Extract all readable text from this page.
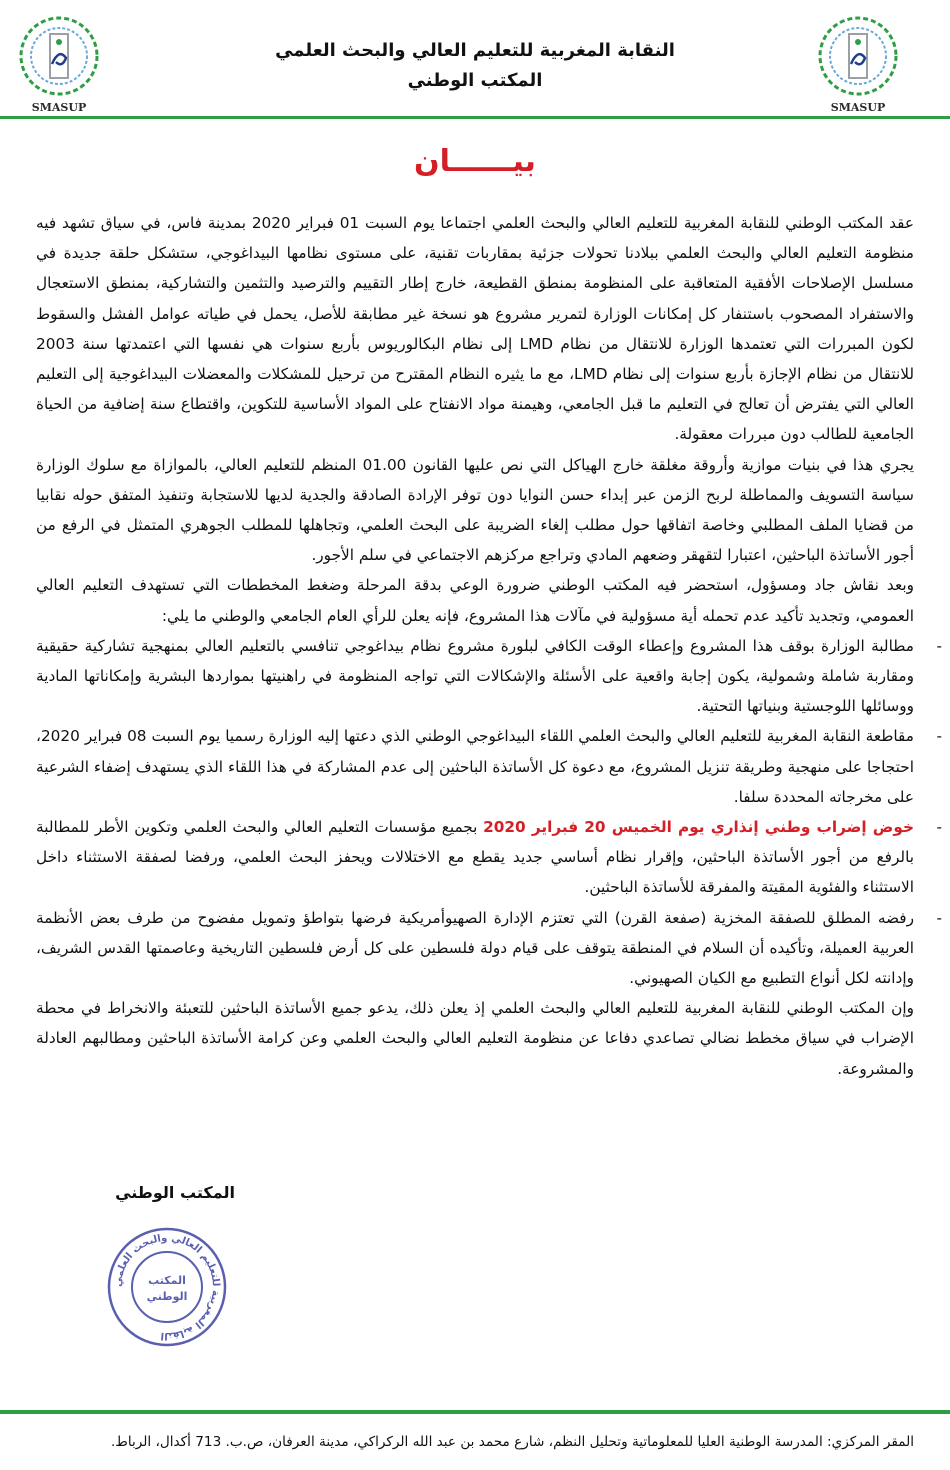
SMASUP
النقابة المغربية للتعليم العالي والبحث العلمي
المكتب الوطني
SMASUP
بيــــــان

عقد المكتب الوطني للنقابة المغربية للتعليم العالي والبحث العلمي اجتماعا يوم السبت 01 فبراير 2020 بمدينة فاس، في سياق تشهد فيه منظومة التعليم العالي والبحث العلمي ببلادنا تحولات جزئية بمقاربات تقنية، على مستوى نظامها البيداغوجي، ستشكل حلقة جديدة في مسلسل الإصلاحات الأفقية المتعاقبة على المنظومة بمنطق القطيعة، خارج إطار التقييم والترصيد والتثمين والتشاركية، بمنطق الاستعجال والاستفراد المصحوب باستنفار كل إمكانات الوزارة لتمرير مشروع هو نسخة غير مطابقة للأصل، يحمل في طياته عوامل الفشل والسقوط لكون المبررات التي تعتمدها الوزارة للانتقال من نظام LMD إلى نظام البكالوريوس بأربع سنوات هي نفسها التي اعتمدتها سنة 2003 للانتقال من نظام الإجازة بأربع سنوات إلى نظام LMD، مع ما يثيره النظام المقترح من ترحيل للمشكلات والمعضلات البيداغوجية إلى التعليم العالي التي يفترض أن تعالج في التعليم ما قبل الجامعي، وهيمنة مواد الانفتاح على المواد الأساسية للتكوين، واقتطاع سنة إضافية من الحياة الجامعية للطالب دون مبررات معقولة.

يجري هذا في بنيات موازية وأروقة مغلقة خارج الهياكل التي نص عليها القانون 01.00 المنظم للتعليم العالي، بالموازاة مع سلوك الوزارة سياسة التسويف والمماطلة لربح الزمن عبر إبداء حسن النوايا دون توفر الإرادة الصادقة والجدية لديها للاستجابة وتنفيذ المتفق حوله نقابيا من قضايا الملف المطلبي وخاصة اتفاقها حول مطلب إلغاء الضريبة على البحث العلمي، وتجاهلها للمطلب الجوهري المتمثل في الرفع من أجور الأساتذة الباحثين، اعتبارا لتقهقر وضعهم المادي وتراجع مركزهم الاجتماعي في سلم الأجور.

وبعد نقاش جاد ومسؤول، استحضر فيه المكتب الوطني ضرورة الوعي بدقة المرحلة وضغط المخططات التي تستهدف التعليم العالي العمومي، وتجديد تأكيد عدم تحمله أية مسؤولية في مآلات هذا المشروع، فإنه يعلن للرأي العام الجامعي والوطني ما يلي:

-
مطالبة الوزارة بوقف هذا المشروع وإعطاء الوقت الكافي لبلورة مشروع نظام بيداغوجي تنافسي بالتعليم العالي بمنهجية تشاركية حقيقية ومقاربة شاملة وشمولية، يكون إجابة واقعية على الأسئلة والإشكالات التي تواجه المنظومة في راهنيتها بمواردها البشرية وإمكاناتها المادية ووسائلها اللوجستية وبنياتها التحتية.
-
مقاطعة النقابة المغربية للتعليم العالي والبحث العلمي اللقاء البيداغوجي الوطني الذي دعتها إليه الوزارة رسميا يوم السبت 08 فبراير 2020، احتجاجا على منهجية وطريقة تنزيل المشروع، مع دعوة كل الأساتذة الباحثين إلى عدم المشاركة في هذا اللقاء الذي يستهدف إضفاء الشرعية على مخرجاته المحددة سلفا.
-
خوض إضراب وطني إنذاري يوم الخميس 20 فبراير 2020 بجميع مؤسسات التعليم العالي والبحث العلمي وتكوين الأطر للمطالبة بالرفع من أجور الأساتذة الباحثين، وإقرار نظام أساسي جديد يقطع مع الاختلالات ويحفز البحث العلمي، ورفضا لصفقة الاستثناء داخل الاستثناء والفئوية المقيتة والمفرقة للأساتذة الباحثين.
-
رفضه المطلق للصفقة المخزية (صفعة القرن) التي تعتزم الإدارة الصهيوأمريكية فرضها بتواطؤ وتمويل مفضوح من طرف بعض الأنظمة العربية العميلة، وتأكيده أن السلام في المنطقة يتوقف على قيام دولة فلسطين على كل أرض فلسطين التاريخية وعاصمتها القدس الشريف، وإدانته لكل أنواع التطبيع مع الكيان الصهيوني.

وإن المكتب الوطني للنقابة المغربية للتعليم العالي والبحث العلمي إذ يعلن ذلك، يدعو جميع الأساتذة الباحثين للتعبئة والانخراط في محطة الإضراب في سياق مخطط نضالي تصاعدي دفاعا عن منظومة التعليم العالي والبحث العلمي وعن كرامة الأساتذة الباحثين ومطالبهم العادلة والمشروعة.

المكتب الوطني
النقابة المغربية للتعليم العالي والبحث العلمي
المكتب
الوطني
المقر المركزي: المدرسة الوطنية العليا للمعلوماتية وتحليل النظم، شارع محمد بن عبد الله الركراكي، مدينة العرفان، ص.ب. 713 أكدال، الرباط.
